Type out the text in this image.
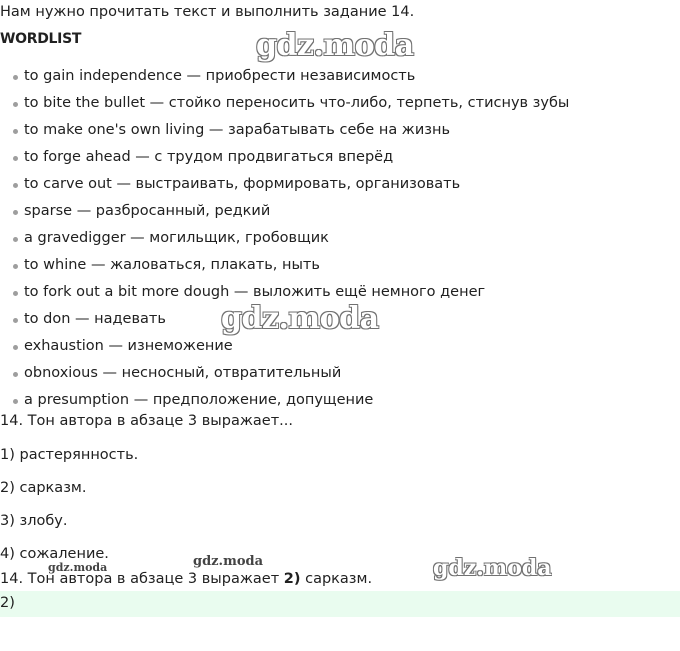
Нам нужно прочитать текст и выполнить задание 14.
WORDLIST
to gain independence — приобрести независимость
to bite the bullet — стойко переносить что-либо, терпеть, стиснув зубы
to make one's own living — зарабатывать себе на жизнь
to forge ahead — с трудом продвигаться вперёд
to carve out — выстраивать, формировать, организовать
sparse — разбросанный, редкий
a gravedigger — могильщик, гробовщик
to whine — жаловаться, плакать, ныть
to fork out a bit more dough — выложить ещё немного денег
to don — надевать
exhaustion — изнеможение
obnoxious — несносный, отвратительный
a presumption — предположение, допущение
14. Тон автора в абзаце 3 выражает...
1) растерянность.
2) сарказм.
3) злобу.
4) сожаление.
14. Тон автора в абзаце 3 выражает 2) сарказм.
2)
gdz.moda
gdz.moda
gdz.moda
gdz.moda
gdz.moda
